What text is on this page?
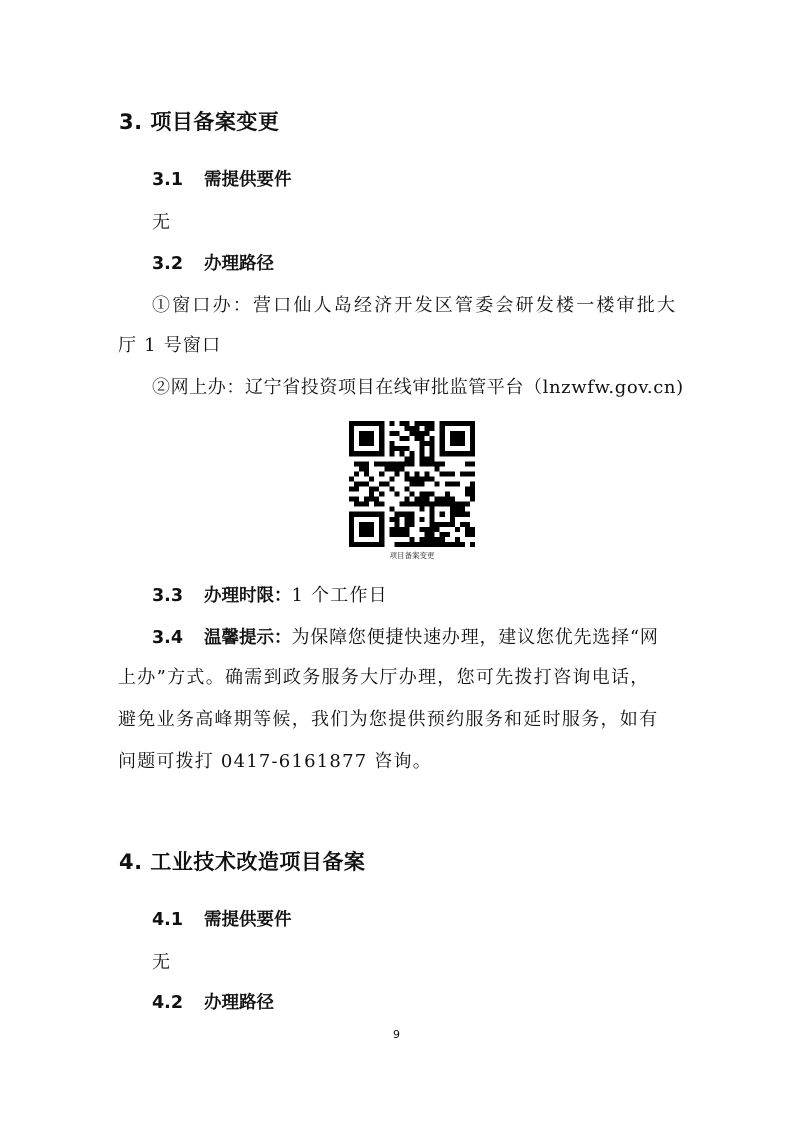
3. 项目备案变更
3.1 需提供要件
无
3.2 办理路径
①窗口办：营口仙人岛经济开发区管委会研发楼一楼审批大
厅 1 号窗口
②网上办：辽宁省投资项目在线审批监管平台（lnzwfw.gov.cn)
项目备案变更
3.3 办理时限：1 个工作日
3.4 温馨提示：为保障您便捷快速办理，建议您优先选择“网
上办”方式。确需到政务服务大厅办理，您可先拨打咨询电话，
避免业务高峰期等候，我们为您提供预约服务和延时服务，如有
问题可拨打 0417-6161877 咨询。
4. 工业技术改造项目备案
4.1 需提供要件
无
4.2 办理路径
9
